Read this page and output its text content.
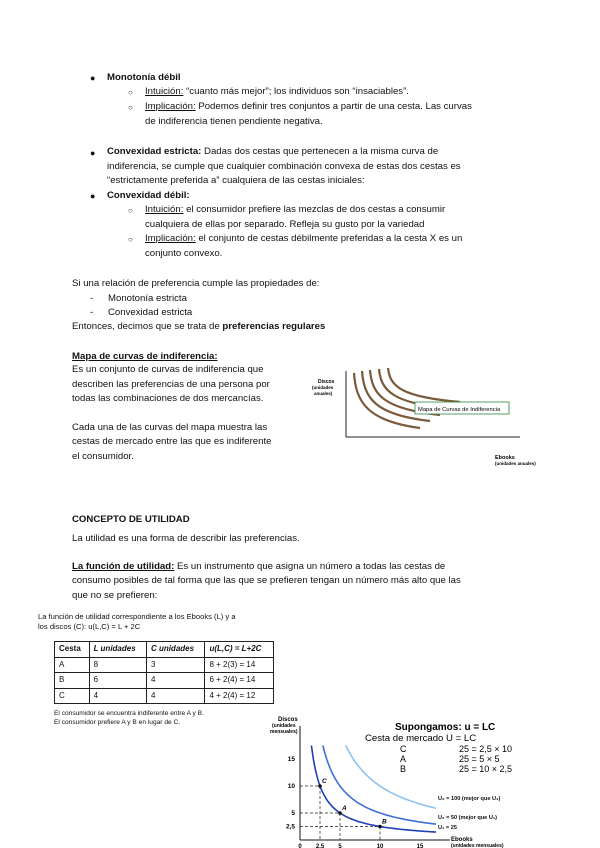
● Monotonía débil
○ Intuición: “cuanto más mejor”; los individuos son “insaciables”.
○ Implicación: Podemos definir tres conjuntos a partir de una cesta. Las curvas
de indiferencia tienen pendiente negativa.
● Convexidad estricta: Dadas dos cestas que pertenecen a la misma curva de
indiferencia, se cumple que cualquier combinación convexa de estas dos cestas es
“estrictamente preferida a” cualquiera de las cestas iniciales:
● Convexidad débil:
○ Intuición: el consumidor prefiere las mezclas de dos cestas a consumir
cualquiera de ellas por separado. Refleja su gusto por la variedad
○ Implicación: el conjunto de cestas débilmente preferidas a la cesta X es un
conjunto convexo.
Si una relación de preferencia cumple las propiedades de:
- Monotonía estricta
- Convexidad estricta
Entonces, decimos que se trata de preferencias regulares
Mapa de curvas de indiferencia:
Es un conjunto de curvas de indiferencia que
describen las preferencias de una persona por
todas las combinaciones de dos mercancías.
Cada una de las curvas del mapa muestra las
cestas de mercado entre las que es indiferente
el consumidor.
Discos
(unidades
anuales)
Mapa de Curvas de Indiferencia
Ebooks
(unidades anuales)
CONCEPTO DE UTILIDAD
La utilidad es una forma de describir las preferencias.
La función de utilidad: Es un instrumento que asigna un número a todas las cestas de
consumo posibles de tal forma que las que se prefieren tengan un número más alto que las
que no se prefieren:
La función de utilidad correspondiente a los Ebooks (L) y a
los discos (C): u(L,C) = L + 2C
Cesta	L unidades	C unidades	u(L,C) = L+2C
A	8	3	8 + 2(3) = 14
B	6	4	6 + 2(4) = 14
C	4	4	4 + 2(4) = 12
El consumidor se encuentra indiferente entre A y B.
El consumidor prefiere A y B en lugar de C.	Discos
(unidades
mensuales)
15
10
5
2,5
0 2,5 5	10	15
C
A
B
U₃ = 100 (mejor que U₂)
U₂ = 50 (mejor que U₁)
U₁ = 25
Supongamos: u = LC
Cesta de mercado U = LC
C	25 = 2,5 × 10
A	25 = 5 × 5
B	25 = 10 × 2,5
Ebooks
(unidades mensuales)
